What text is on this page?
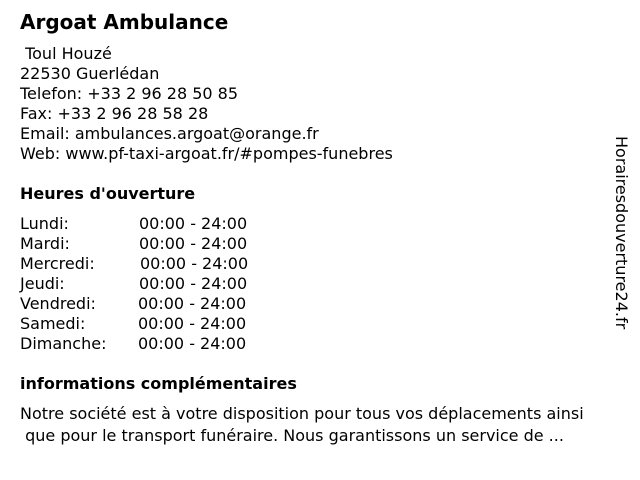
Argoat Ambulance
Toul Houzé
22530 Guerlédan
Telefon: +33 2 96 28 50 85
Fax: +33 2 96 28 58 28
Email: ambulances.argoat@orange.fr
Web: www.pf-taxi-argoat.fr/#pompes-funebres
Heures d'ouverture
Lundi:	00:00 - 24:00
Mardi:	00:00 - 24:00
Mercredi:	00:00 - 24:00
Jeudi:	00:00 - 24:00
Vendredi:	00:00 - 24:00
Samedi:	00:00 - 24:00
Dimanche: 00:00 - 24:00
informations complémentaires
Notre société est à votre disposition pour tous vos déplacements ainsi
que pour le transport funéraire. Nous garantissons un service de ...
Horairesdouverture24.fr
